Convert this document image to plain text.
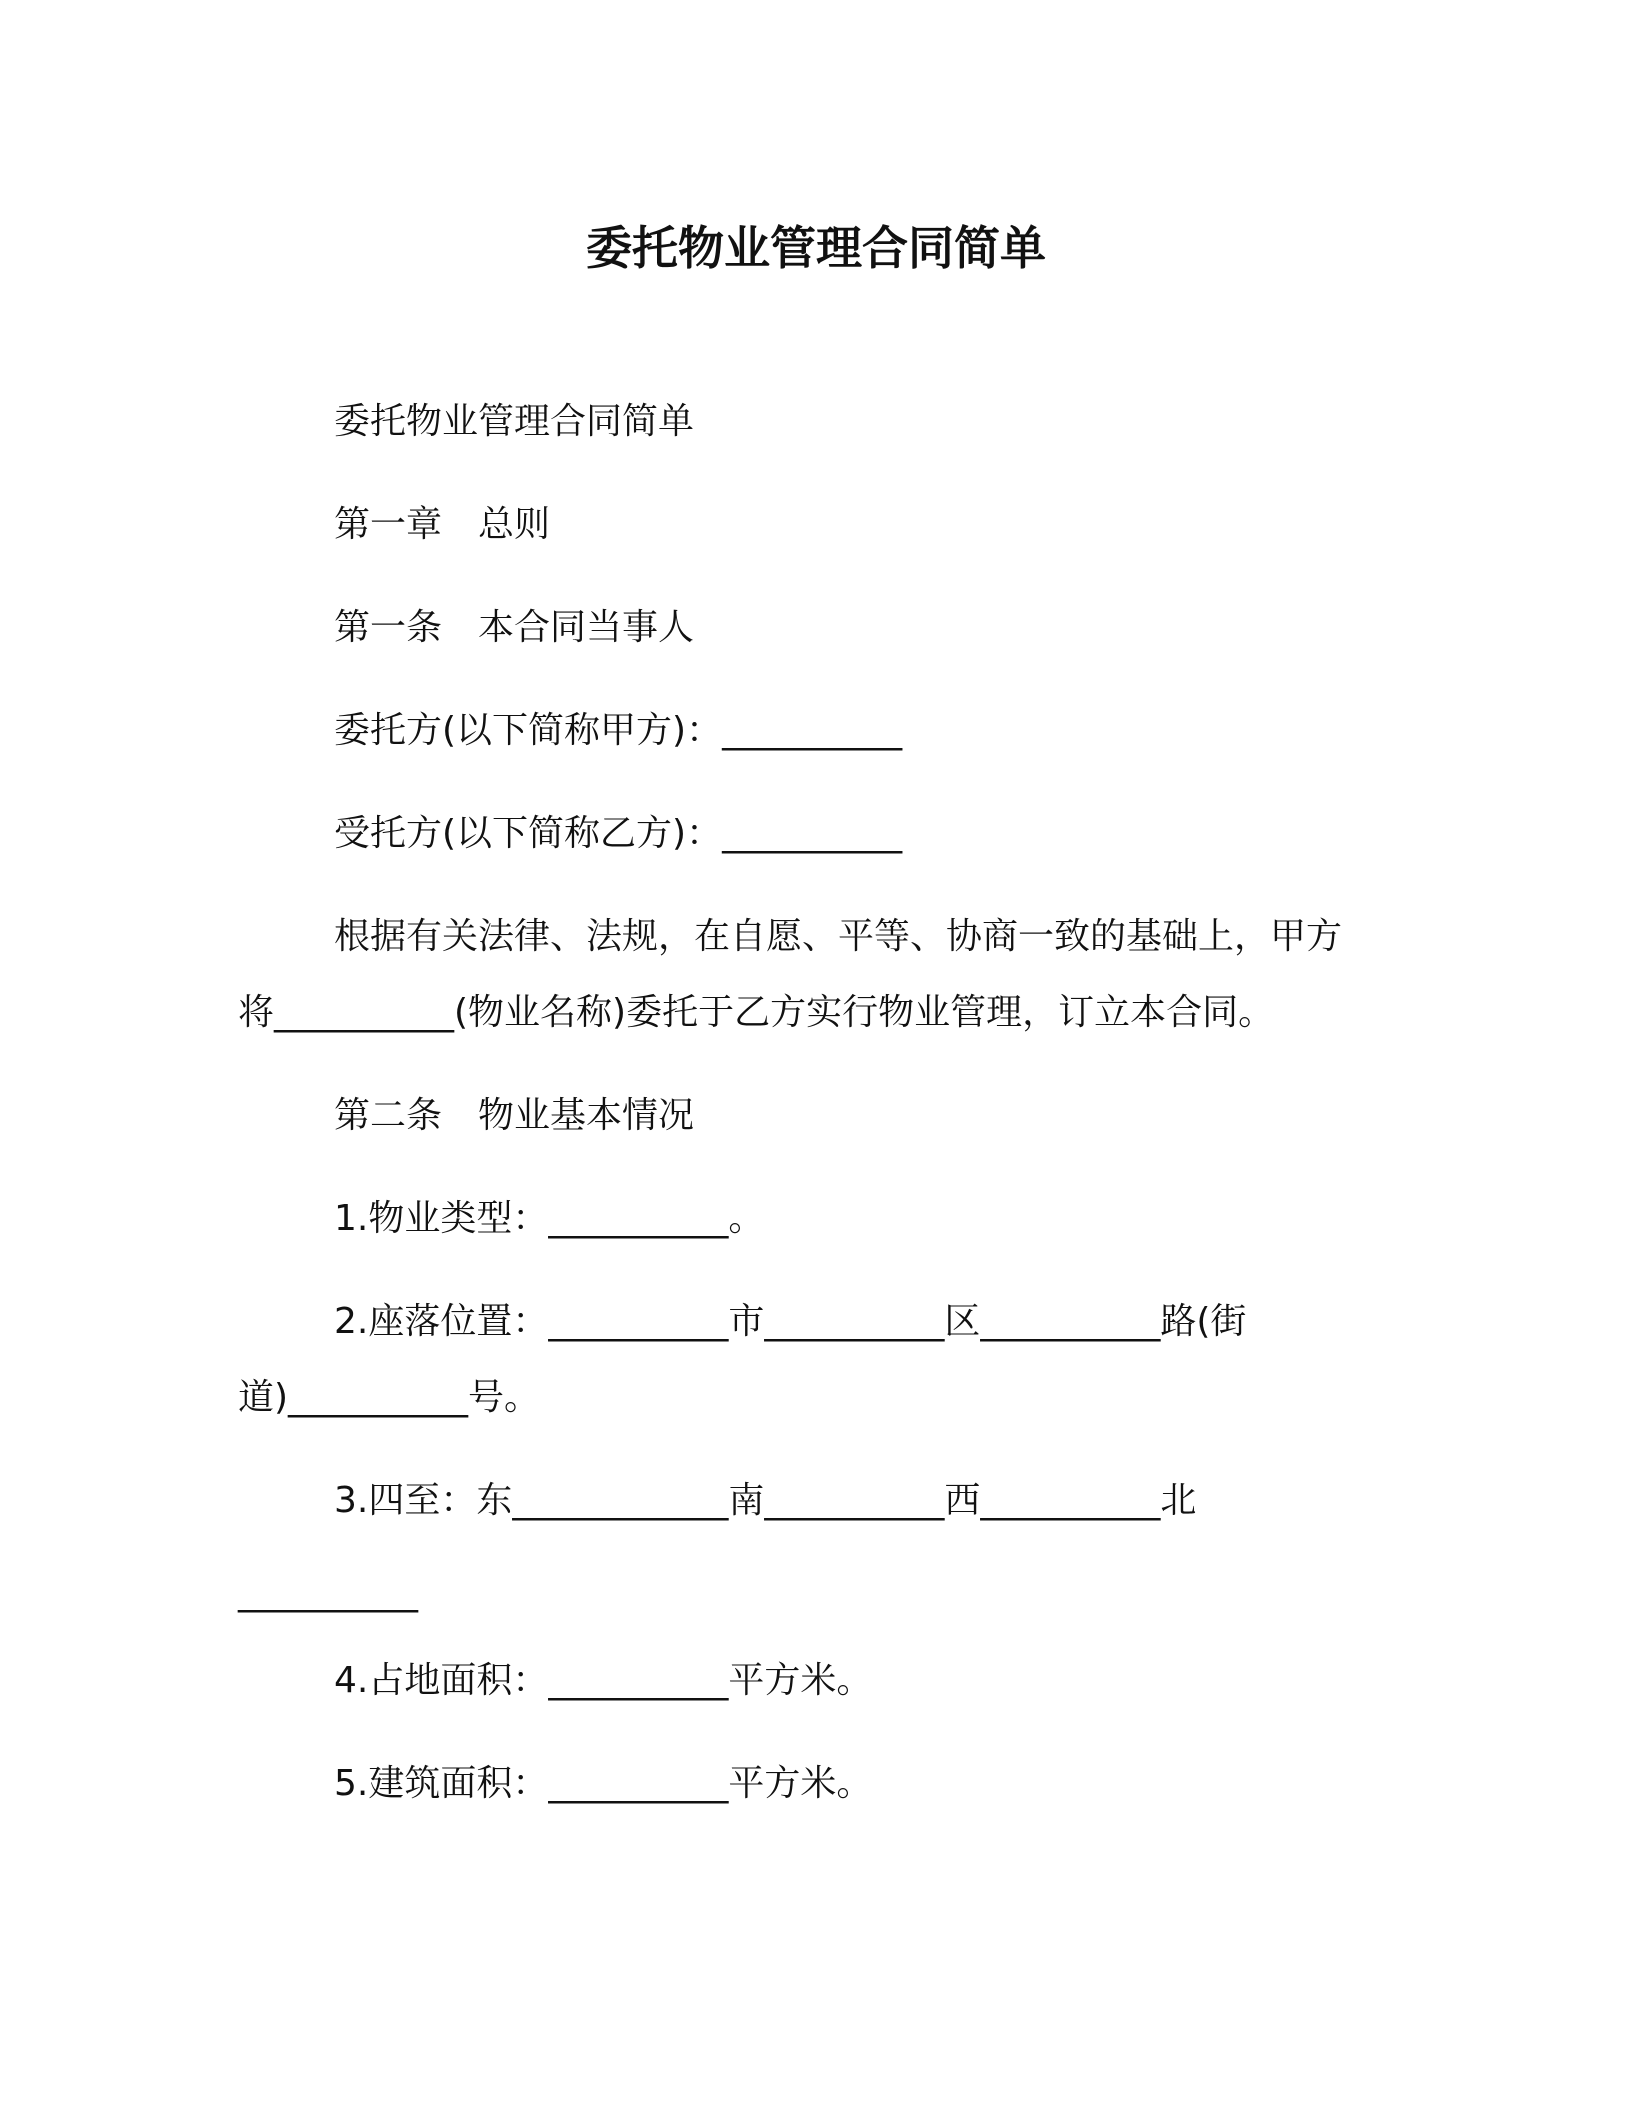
委托物业管理合同简单
委托物业管理合同简单
第一章　总则
第一条　本合同当事人
委托方(以下简称甲方)：__________
受托方(以下简称乙方)：__________
根据有关法律、法规，在自愿、平等、协商一致的基础上，甲方
将__________(物业名称)委托于乙方实行物业管理，订立本合同。
第二条　物业基本情况
1.物业类型：__________。
2.座落位置：__________市__________区__________路(街
道)__________号。
3.四至：东____________南__________西__________北
__________
4.占地面积：__________平方米。
5.建筑面积：__________平方米。
